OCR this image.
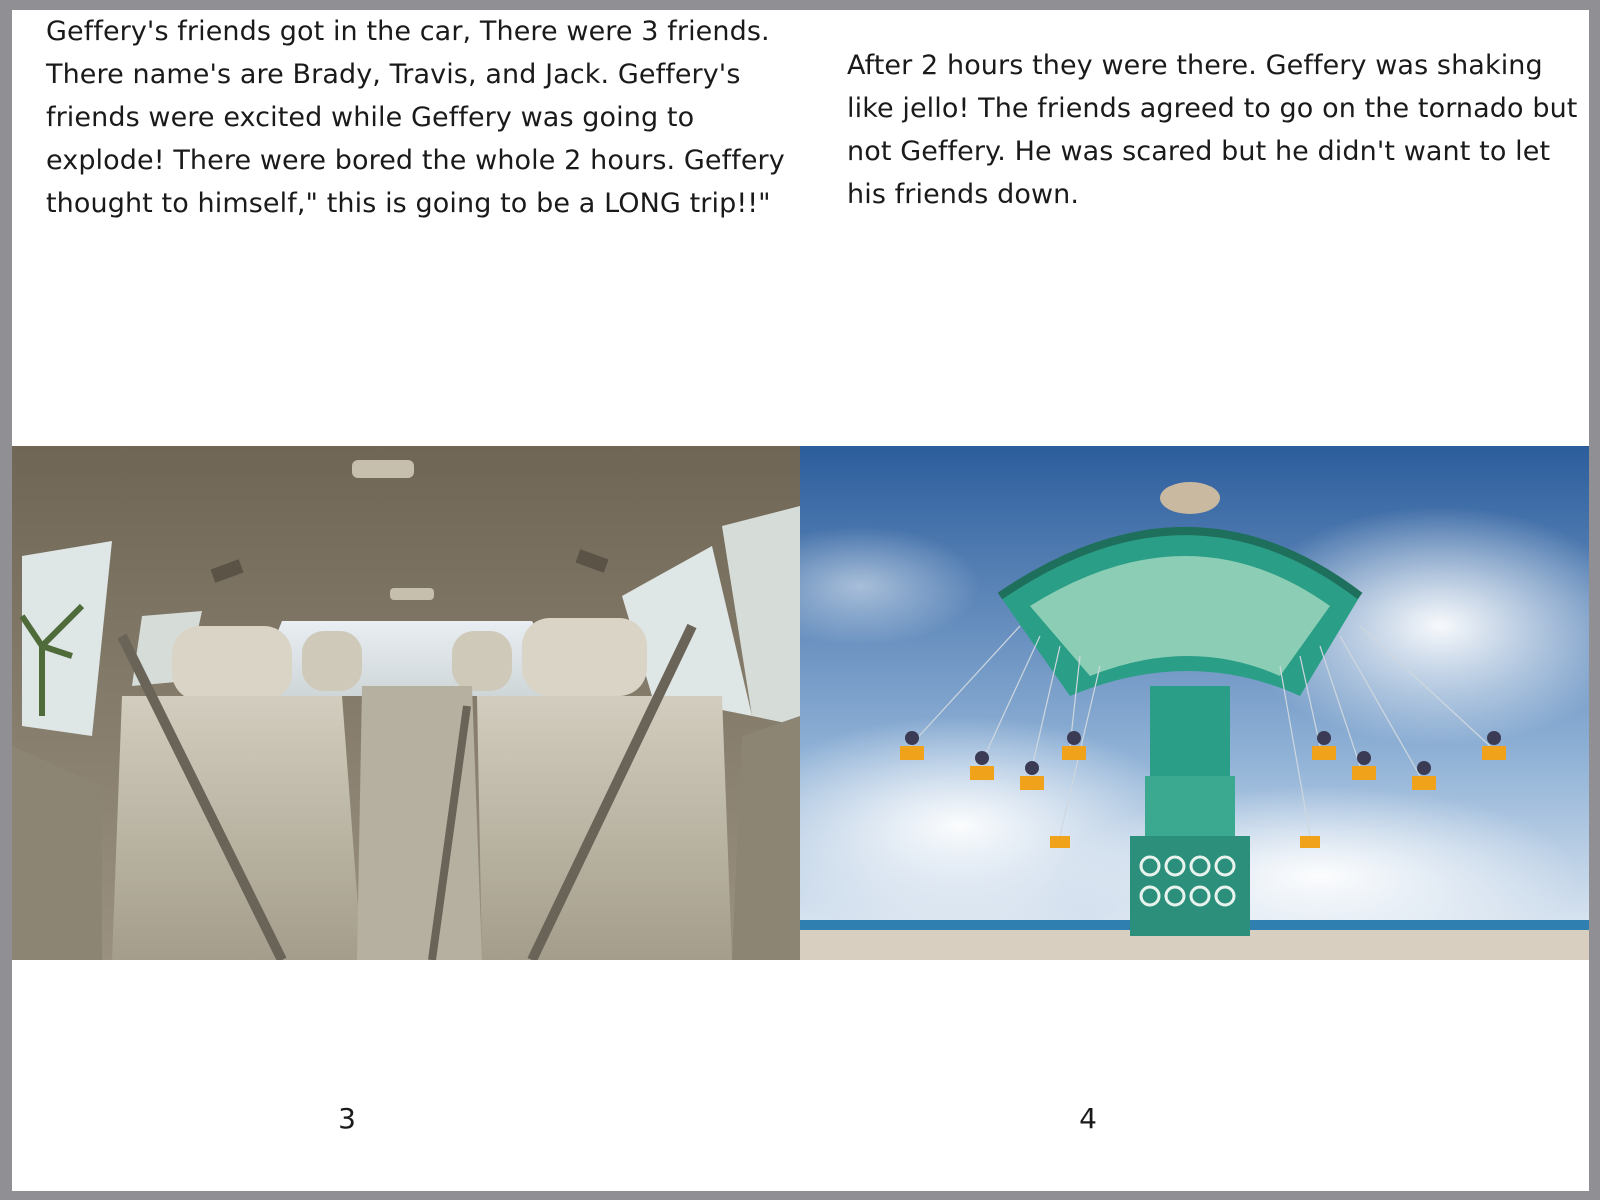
Geffery's friends got in the car, There were 3 friends. There name's are Brady, Travis, and Jack. Geffery's friends were excited while Geffery was going to explode! There were bored the whole 2 hours. Geffery thought to himself," this is going to be a LONG trip!!"

3

After 2 hours they were there. Geffery was shaking like jello! The friends agreed to go on the tornado but not Geffery. He was scared but he didn't want to let his friends down.

4
